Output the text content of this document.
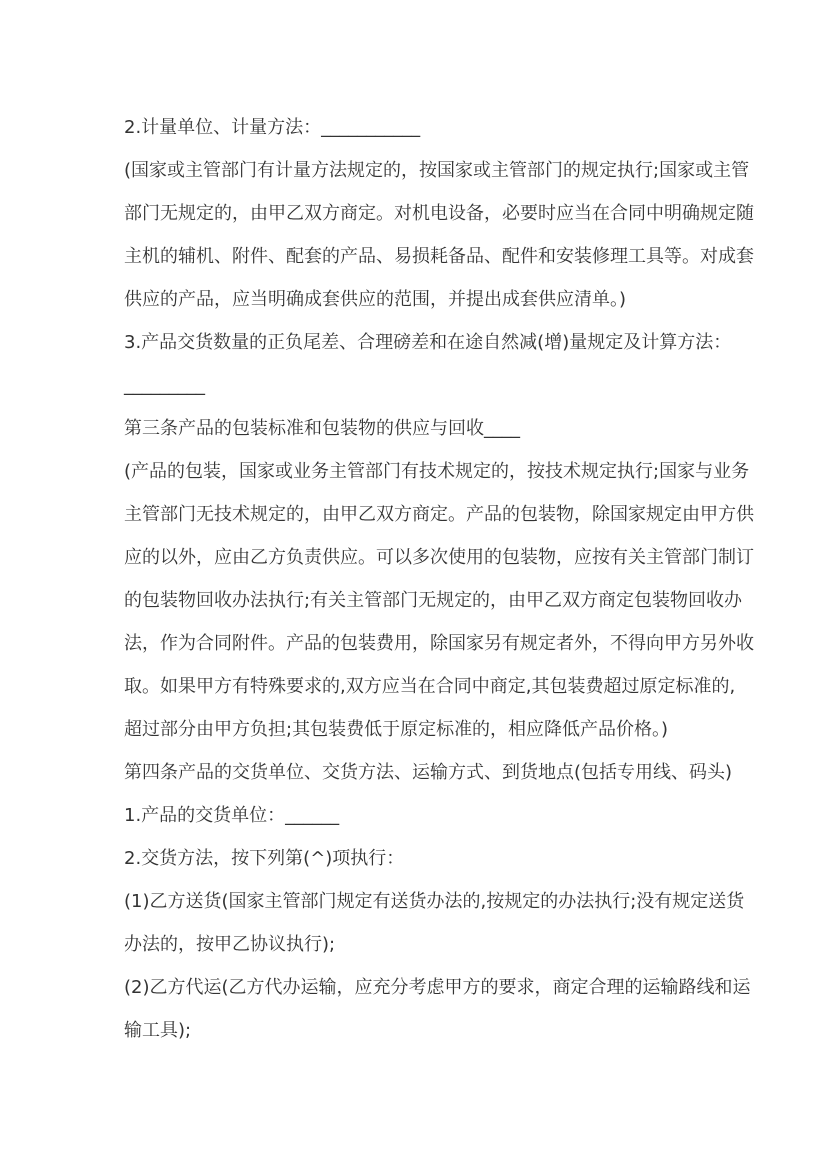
2.计量单位、计量方法：___________
(国家或主管部门有计量方法规定的，按国家或主管部门的规定执行;国家或主管
部门无规定的，由甲乙双方商定。对机电设备，必要时应当在合同中明确规定随
主机的辅机、附件、配套的产品、易损耗备品、配件和安装修理工具等。对成套
供应的产品，应当明确成套供应的范围，并提出成套供应清单。)
3.产品交货数量的正负尾差、合理磅差和在途自然减(增)量规定及计算方法：
_________
第三条产品的包装标准和包装物的供应与回收____
(产品的包装，国家或业务主管部门有技术规定的，按技术规定执行;国家与业务
主管部门无技术规定的，由甲乙双方商定。产品的包装物，除国家规定由甲方供
应的以外，应由乙方负责供应。可以多次使用的包装物，应按有关主管部门制订
的包装物回收办法执行;有关主管部门无规定的，由甲乙双方商定包装物回收办
法，作为合同附件。产品的包装费用，除国家另有规定者外，不得向甲方另外收
取。如果甲方有特殊要求的,双方应当在合同中商定,其包装费超过原定标准的,
超过部分由甲方负担;其包装费低于原定标准的，相应降低产品价格。)
第四条产品的交货单位、交货方法、运输方式、到货地点(包括专用线、码头)
1.产品的交货单位：______
2.交货方法，按下列第(^)项执行：
(1)乙方送货(国家主管部门规定有送货办法的,按规定的办法执行;没有规定送货
办法的，按甲乙协议执行);
(2)乙方代运(乙方代办运输，应充分考虑甲方的要求，商定合理的运输路线和运
输工具);
